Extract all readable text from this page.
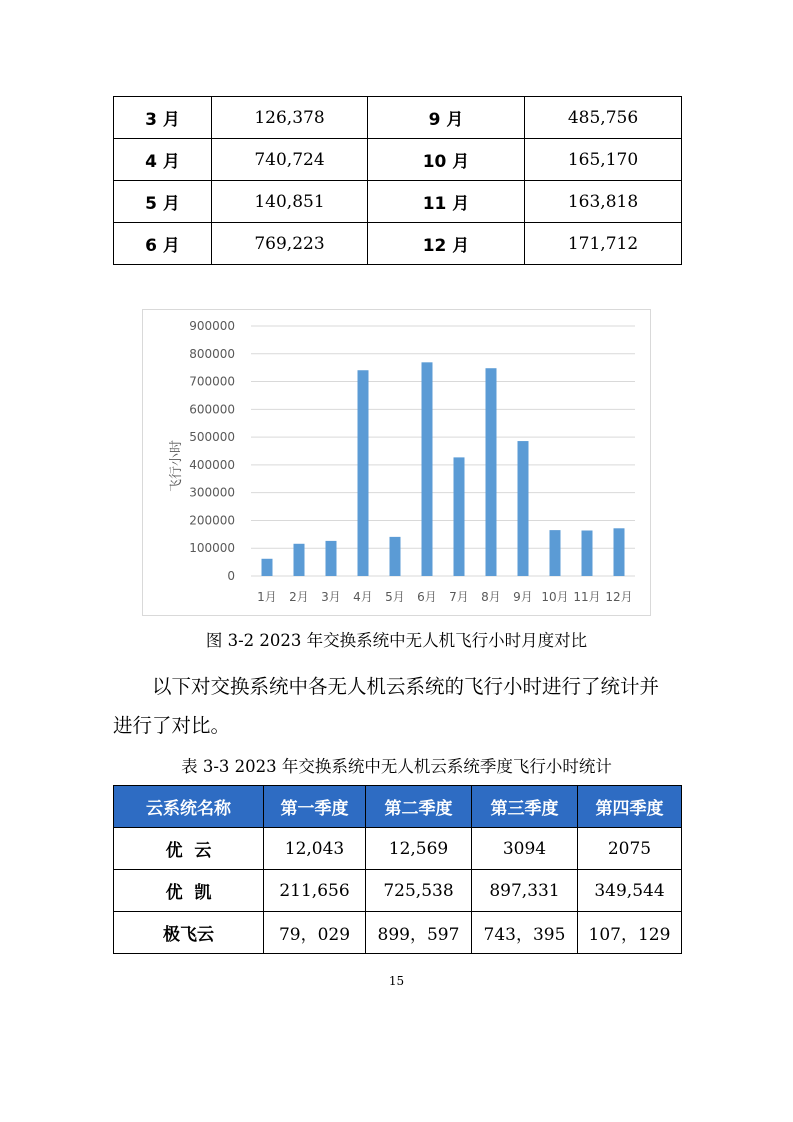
3 月	126,378	9 月	485,756
4 月	740,724	10 月	165,170
5 月	140,851	11 月	163,818
6 月	769,223	12 月	171,712
0
100000
200000
300000
400000
500000
600000
700000
800000
900000
1月 2月 3月 4月 5月 6月 7月 8月 9月 10月 11月 12月
飞行小时
图 3-2 2023 年交换系统中无人机飞行小时月度对比
以下对交换系统中各无人机云系统的飞行小时进行了统计并进行了对比。
表 3-3 2023 年交换系统中无人机云系统季度飞行小时统计
云系统名称	第一季度	第二季度	第三季度	第四季度
优  云	12,043	12,569	3094	2075
优  凯	211,656	725,538	897,331	349,544
极飞云	79，029	899，597	743，395	107，129
15
